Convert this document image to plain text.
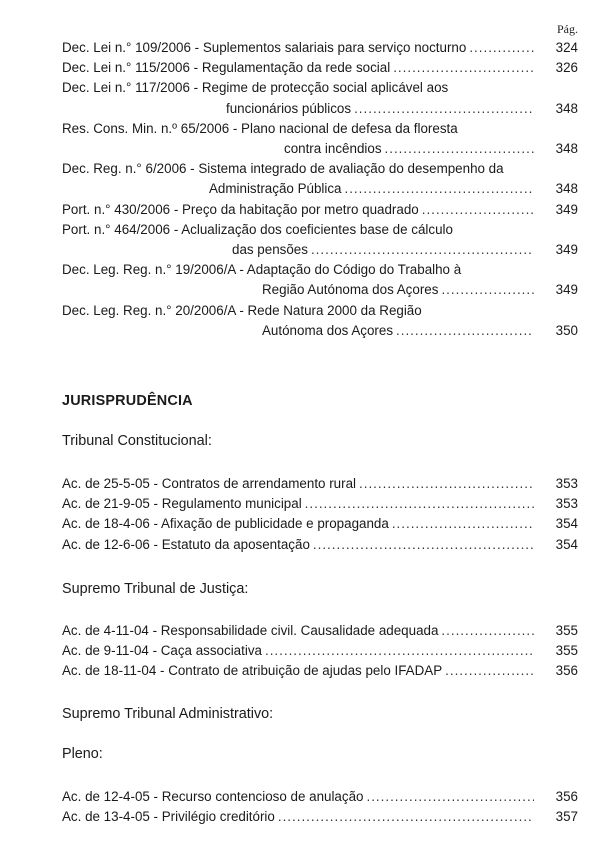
Pág.
Dec. Lei n.° 109/2006 - Suplementos salariais para serviço nocturno .....	324
Dec. Lei n.° 115/2006 - Regulamentação da rede social .....	326
Dec. Lei n.° 117/2006 - Regime de protecção social aplicável aos
funcionários públicos .....	348
Res. Cons. Min. n.º 65/2006 - Plano nacional de defesa da floresta
contra incêndios .....	348
Dec. Reg. n.° 6/2006 - Sistema integrado de avaliação do desempenho da
Administração Pública .....	348
Port. n.° 430/2006 - Preço da habitação por metro quadrado .....	349
Port. n.° 464/2006 - Aclualização dos coeficientes base de cálculo
das pensões .....	349
Dec. Leg. Reg. n.° 19/2006/A - Adaptação do Código do Trabalho à
Região Autónoma dos Açores .....	349
Dec. Leg. Reg. n.° 20/2006/A - Rede Natura 2000 da Região
Autónoma dos Açores .....	350
JURISPRUDÊNCIA
Tribunal Constitucional:
Ac. de 25-5-05 - Contratos de arrendamento rural .....	353
Ac. de 21-9-05 - Regulamento municipal .....	353
Ac. de 18-4-06 - Afixação de publicidade e propaganda .....	354
Ac. de 12-6-06 - Estatuto da aposentação .....	354
Supremo Tribunal de Justiça:
Ac. de 4-11-04 - Responsabilidade civil. Causalidade adequada .....	355
Ac. de 9-11-04 - Caça associativa .....	355
Ac. de 18-11-04 - Contrato de atribuição de ajudas pelo IFADAP .....	356
Supremo Tribunal Administrativo:
Pleno:
Ac. de 12-4-05 - Recurso contencioso de anulação .....	356
Ac. de 13-4-05 - Privilégio creditório .....	357
